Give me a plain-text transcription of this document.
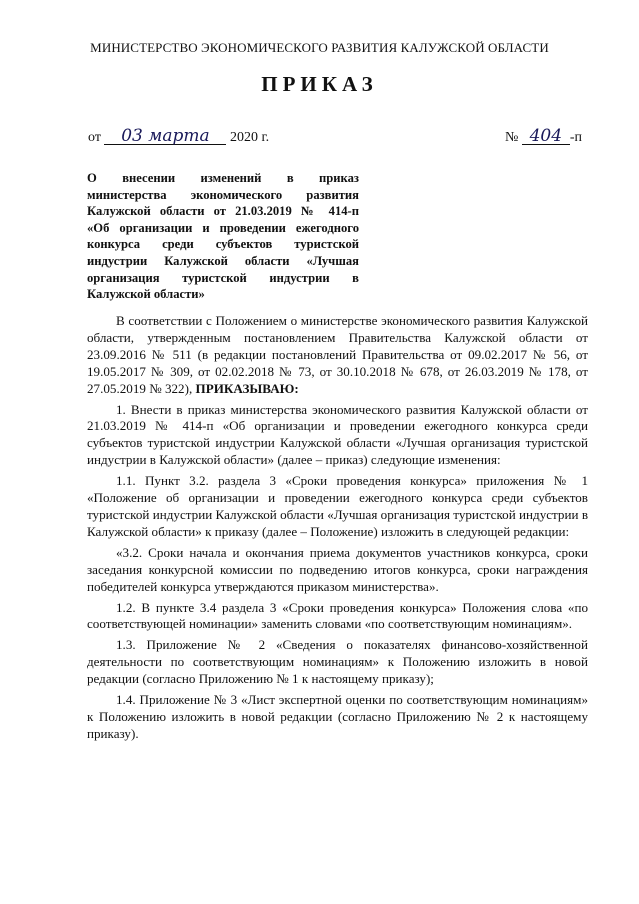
МИНИСТЕРСТВО ЭКОНОМИЧЕСКОГО РАЗВИТИЯ КАЛУЖСКОЙ ОБЛАСТИ
ПРИКАЗ
от 03 марта 2020 г.	№ 404 -п
О внесении изменений в приказ
министерства экономического развития
Калужской области от 21.03.2019 № 414-п
«Об организации и проведении ежегодного
конкурса среди субъектов туристской
индустрии Калужской области «Лучшая
организация туристской индустрии в
Калужской области»

В соответствии с Положением о министерстве экономического развития Калужской области, утвержденным постановлением Правительства Калужской области от 23.09.2016 № 511 (в редакции постановлений Правительства от 09.02.2017 № 56, от 19.05.2017 № 309, от 02.02.2018 № 73, от 30.10.2018 № 678, от 26.03.2019 № 178, от 27.05.2019 № 322), ПРИКАЗЫВАЮ:

1. Внести в приказ министерства экономического развития Калужской области от 21.03.2019 № 414-п «Об организации и проведении ежегодного конкурса среди субъектов туристской индустрии Калужской области «Лучшая организация туристской индустрии в Калужской области» (далее – приказ) следующие изменения:

1.1. Пункт 3.2. раздела 3 «Сроки проведения конкурса» приложения № 1 «Положение об организации и проведении ежегодного конкурса среди субъектов туристской индустрии Калужской области «Лучшая организация туристской индустрии в Калужской области» к приказу (далее – Положение) изложить в следующей редакции:

«3.2. Сроки начала и окончания приема документов участников конкурса, сроки заседания конкурсной комиссии по подведению итогов конкурса, сроки награждения победителей конкурса утверждаются приказом министерства».

1.2. В пункте 3.4 раздела 3 «Сроки проведения конкурса» Положения слова «по соответствующей номинации» заменить словами «по соответствующим номинациям».

1.3. Приложение № 2 «Сведения о показателях финансово-хозяйственной деятельности по соответствующим номинациям» к Положению изложить в новой редакции (согласно Приложению № 1 к настоящему приказу);

1.4. Приложение № 3 «Лист экспертной оценки по соответствующим номинациям» к Положению изложить в новой редакции (согласно Приложению № 2 к настоящему приказу).
